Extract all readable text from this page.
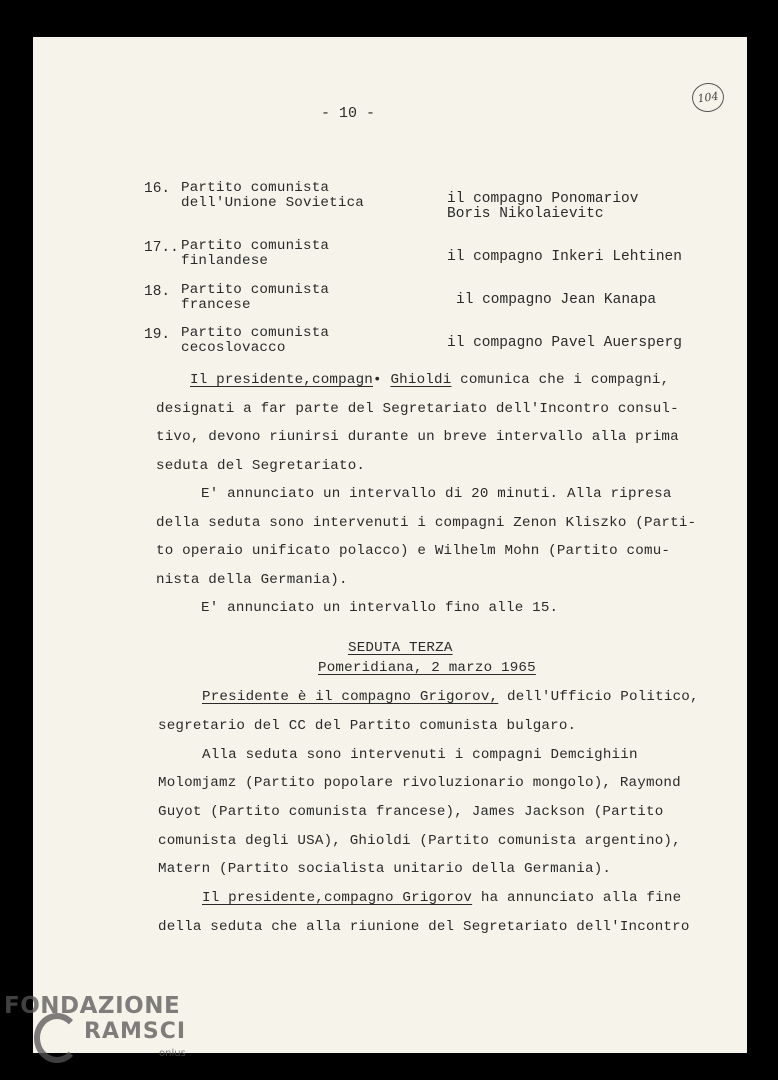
- 10 -
104
16. Partito comunista
dell'Unione Sovietica	il compagno Ponomariov
Boris Nikolaievitc
17.. Partito comunista
finlandese	il compagno Inkeri Lehtinen
18. Partito comunista
francese	il compagno Jean Kanapa
19. Partito comunista
cecoslovacco	il compagno Pavel Auersperg
Il presidente,compagn• Ghioldi comunica che i compagni,
designati a far parte del Segretariato dell'Incontro consul-
tivo, devono riunirsi durante un breve intervallo alla prima
seduta del Segretariato.
E' annunciato un intervallo di 20 minuti. Alla ripresa
della seduta sono intervenuti i compagni Zenon Kliszko (Parti-
to operaio unificato polacco) e Wilhelm Mohn (Partito comu-
nista della Germania).
E' annunciato un intervallo fino alle 15.
SEDUTA TERZA
Pomeridiana, 2 marzo 1965
Presidente è il compagno Grigorov, dell'Ufficio Politico,
segretario del CC del Partito comunista bulgaro.
Alla seduta sono intervenuti i compagni Demcighiin
Molomjamz (Partito popolare rivoluzionario mongolo), Raymond
Guyot (Partito comunista francese), James Jackson (Partito
comunista degli USA), Ghioldi (Partito comunista argentino),
Matern (Partito socialista unitario della Germania).
Il presidente,compagno Grigorov ha annunciato alla fine
della seduta che alla riunione del Segretariato dell'Incontro
FONDAZIONE
RAMSCI
onlus
